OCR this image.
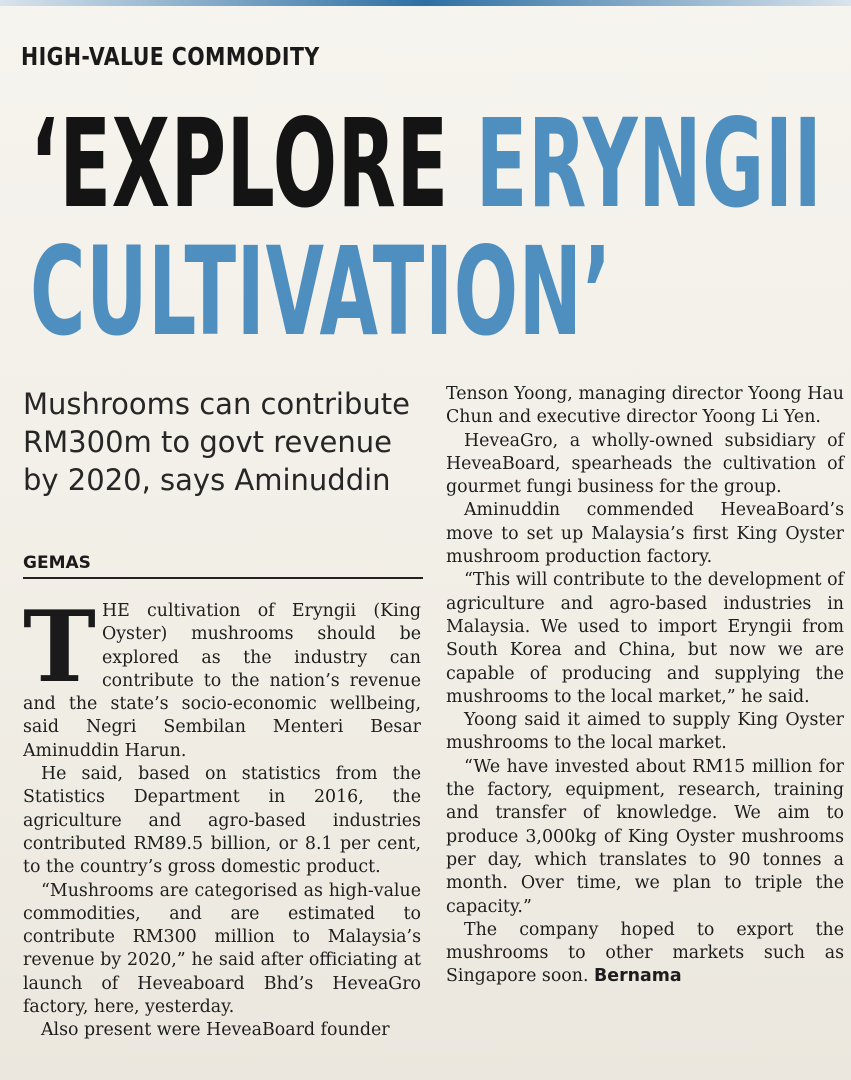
HIGH-VALUE COMMODITY
‘EXPLORE ERYNGII
CULTIVATION’
Mushrooms can contribute RM300m to govt revenue by 2020, says Aminuddin
GEMAS

THE cultivation of Eryngii (King Oyster) mushrooms should be explored as the industry can contribute to the nation’s revenue and the state’s socio-economic wellbeing, said Negri Sembilan Menteri Besar Aminuddin Harun.

He said, based on statistics from the Statistics Department in 2016, the agriculture and agro-based industries contributed RM89.5 billion, or 8.1 per cent, to the country’s gross domestic product.

“Mushrooms are categorised as high-value commodities, and are estimated to contribute RM300 million to Malaysia’s revenue by 2020,” he said after officiating at launch of Heveaboard Bhd’s HeveaGro factory, here, yesterday.

Also present were HeveaBoard founder

Tenson Yoong, managing director Yoong Hau Chun and executive director Yoong Li Yen.

HeveaGro, a wholly-owned subsidiary of HeveaBoard, spearheads the cultivation of gourmet fungi business for the group.

Aminuddin commended HeveaBoard’s move to set up Malaysia’s first King Oyster mushroom production factory.

“This will contribute to the development of agriculture and agro-based industries in Malaysia. We used to import Eryngii from South Korea and China, but now we are capable of producing and supplying the mushrooms to the local market,” he said.

Yoong said it aimed to supply King Oyster mushrooms to the local market.

“We have invested about RM15 million for the factory, equipment, research, training and transfer of knowledge. We aim to produce 3,000kg of King Oyster mushrooms per day, which translates to 90 tonnes a month. Over time, we plan to triple the capacity.”

The company hoped to export the mushrooms to other markets such as Singapore soon. Bernama
